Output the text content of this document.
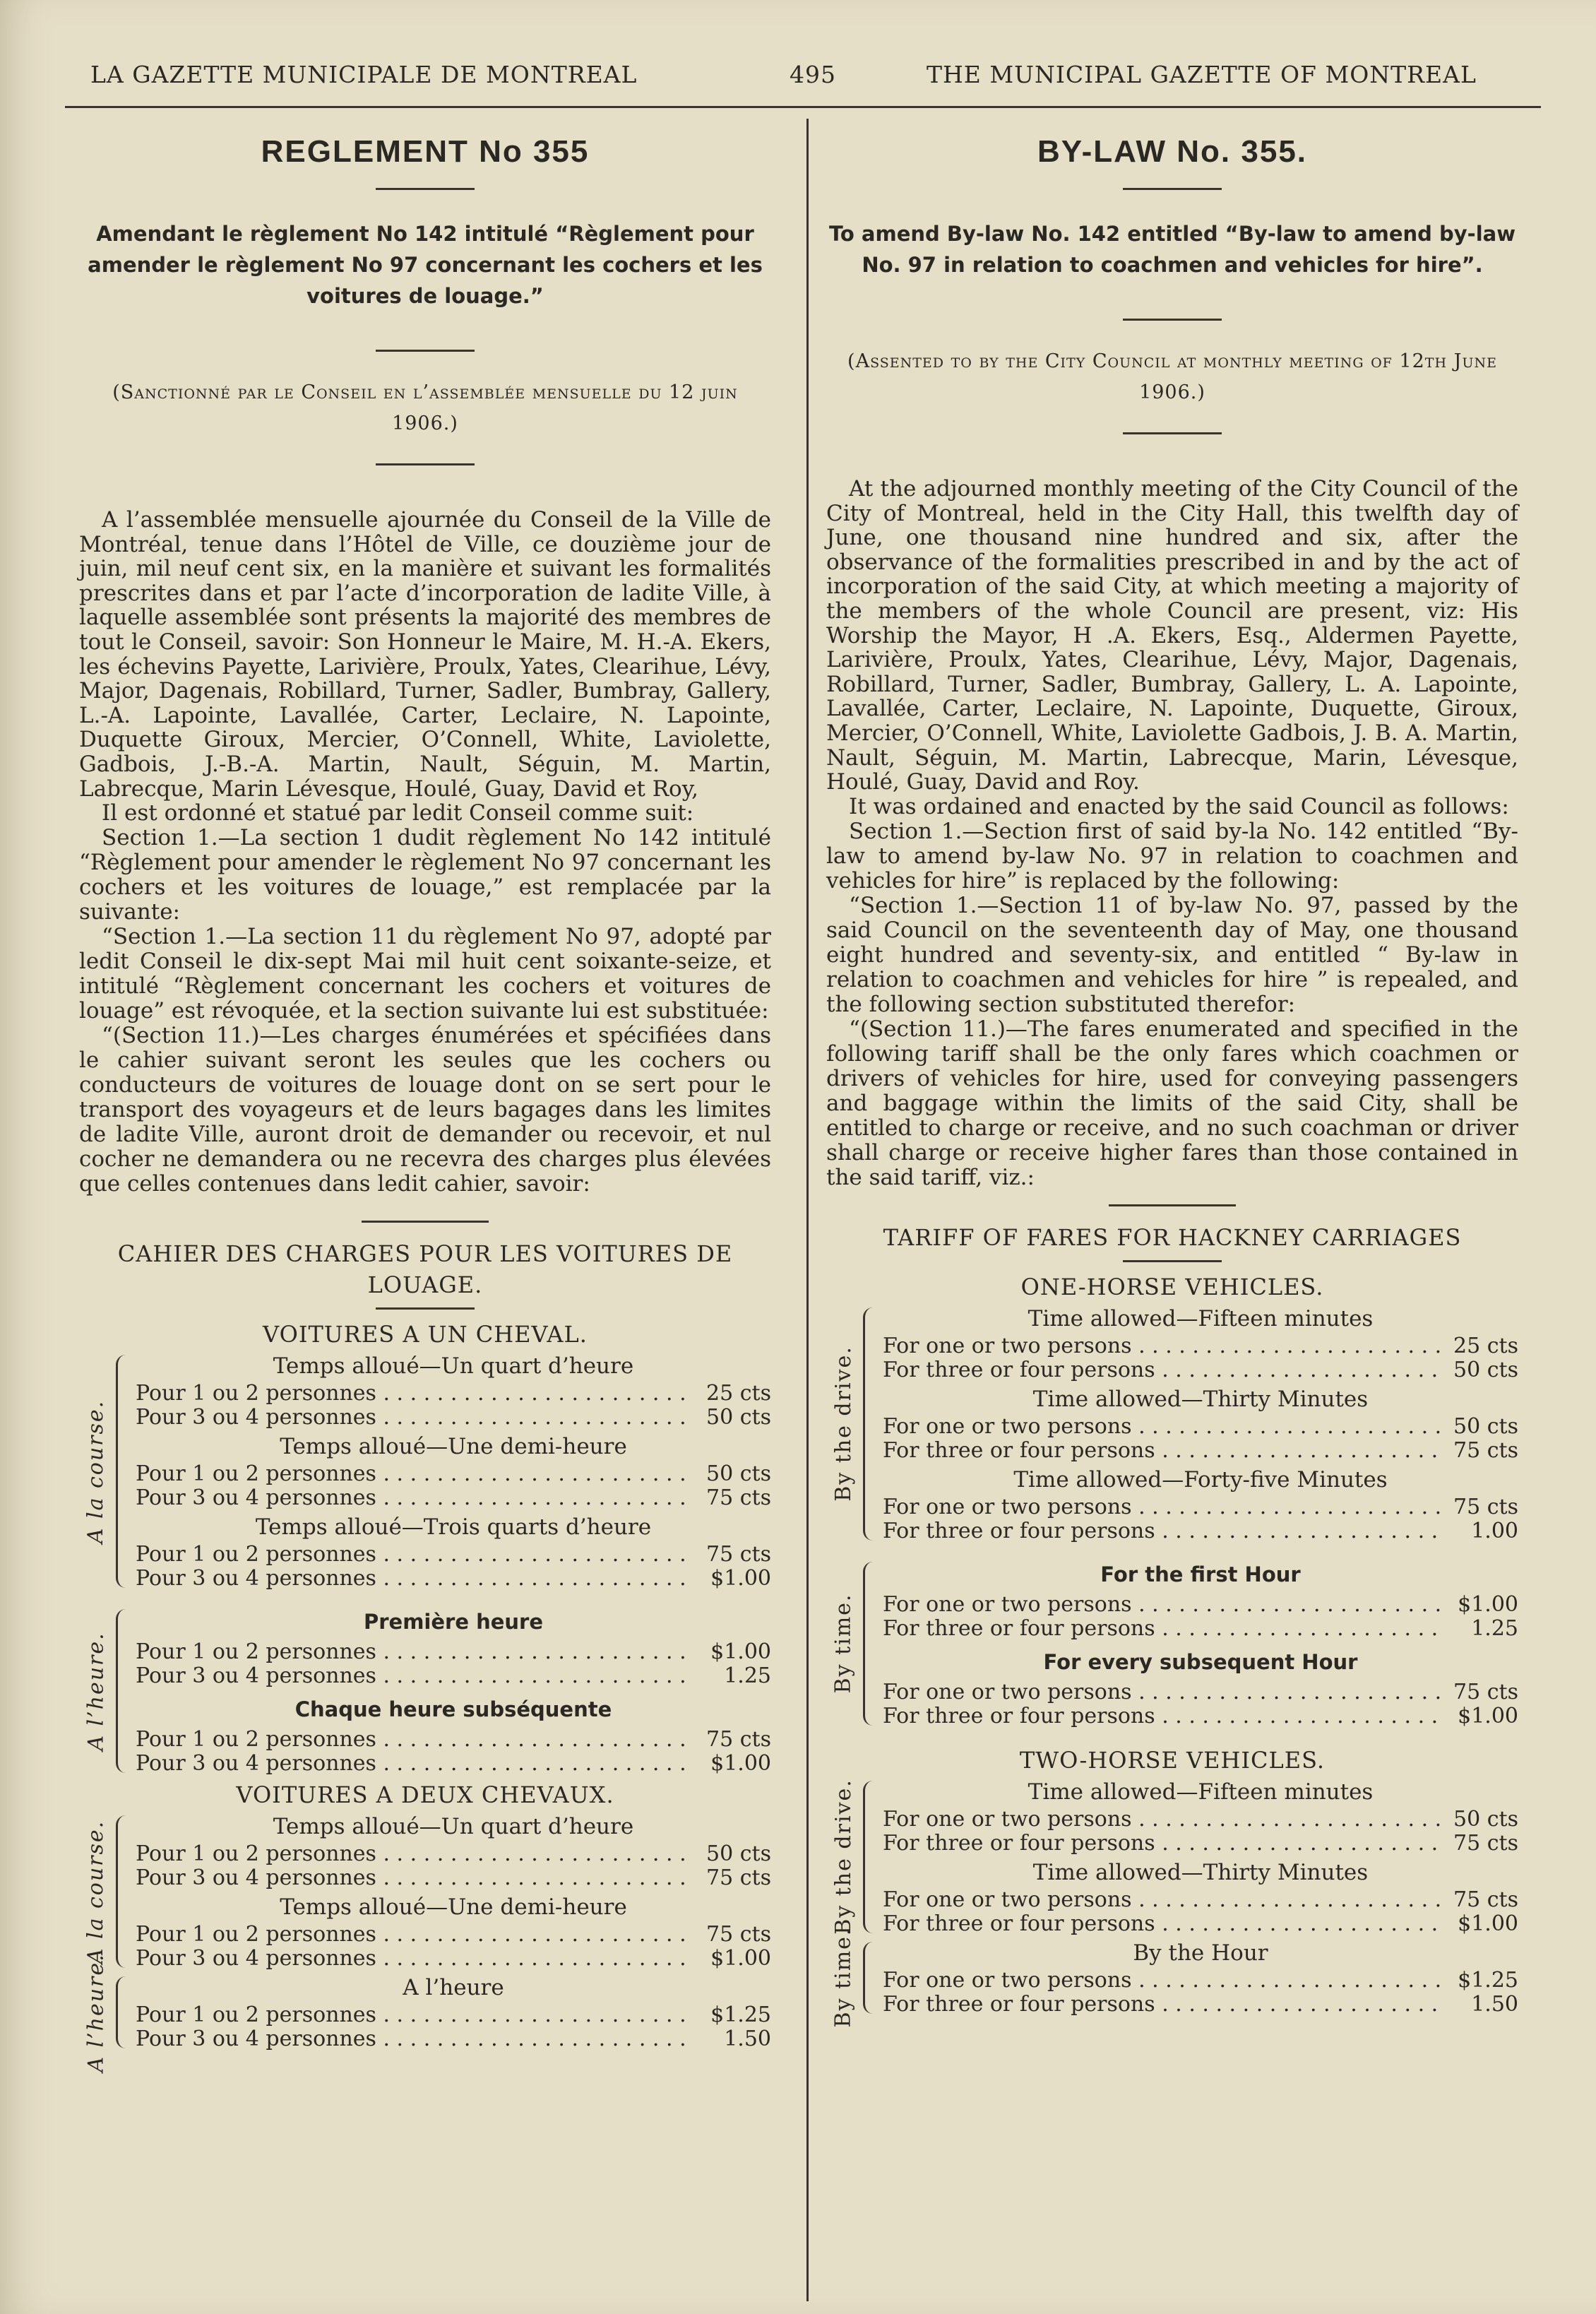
LA GAZETTE MUNICIPALE DE MONTREAL	495	THE MUNICIPAL GAZETTE OF MONTREAL
REGLEMENT No 355
Amendant le règlement No 142 intitulé “Règlement pour amender le règlement No 97 concernant les cochers et les voitures de louage.”
(Sanctionné par le Conseil en l’assemblée mensuelle du 12 juin 1906.)

A l’assemblée mensuelle ajournée du Conseil de la Ville de Montréal, tenue dans l’Hôtel de Ville, ce douzième jour de juin, mil neuf cent six, en la manière et suivant les formalités prescrites dans et par l’acte d’incorporation de ladite Ville, à laquelle assemblée sont présents la majorité des membres de tout le Conseil, savoir: Son Honneur le Maire, M. H.-A. Ekers, les échevins Payette, Larivière, Proulx, Yates, Clearihue, Lévy, Major, Dagenais, Robillard, Turner, Sadler, Bumbray, Gallery, L.-A. Lapointe, Lavallée, Carter, Leclaire, N. Lapointe, Duquette Giroux, Mercier, O’Connell, White, Laviolette, Gadbois, J.-B.-A. Martin, Nault, Séguin, M. Martin, Labrecque, Marin Lévesque, Houlé, Guay, David et Roy,

Il est ordonné et statué par ledit Conseil comme suit:

Section 1.—La section 1 dudit règlement No 142 intitulé “Règlement pour amender le règlement No 97 concernant les cochers et les voitures de louage,” est remplacée par la suivante:

“Section 1.—La section 11 du règlement No 97, adopté par ledit Conseil le dix-sept Mai mil huit cent soixante-seize, et intitulé “Règlement concernant les cochers et voitures de louage” est révoquée, et la section suivante lui est substituée:

“(Section 11.)—Les charges énumérées et spécifiées dans le cahier suivant seront les seules que les cochers ou conducteurs de voitures de louage dont on se sert pour le transport des voyageurs et de leurs bagages dans les limites de ladite Ville, auront droit de demander ou recevoir, et nul cocher ne demandera ou ne recevra des charges plus élevées que celles contenues dans ledit cahier, savoir:

CAHIER DES CHARGES POUR LES VOITURES DE LOUAGE.
VOITURES A UN CHEVAL.
A la course.
Temps alloué—Un quart d’heure
Pour 1 ou 2 personnes . . .	25 cts
Pour 3 ou 4 personnes . . .	50 cts
Temps alloué—Une demi-heure
Pour 1 ou 2 personnes . . .	50 cts
Pour 3 ou 4 personnes . . .	75 cts
Temps alloué—Trois quarts d’heure
Pour 1 ou 2 personnes . . .	75 cts
Pour 3 ou 4 personnes . . .	$1.00
A l’heure.
Première heure
Pour 1 ou 2 personnes . . .	$1.00
Pour 3 ou 4 personnes . . .	1.25
Chaque heure subséquente
Pour 1 ou 2 personnes . . .	75 cts
Pour 3 ou 4 personnes . . .	$1.00
VOITURES A DEUX CHEVAUX.
A la course.	Temps alloué—Un quart d’heure
Pour 1 ou 2 personnes . . .	50 cts
Pour 3 ou 4 personnes . . .	75 cts
Temps alloué—Une demi-heure
Pour 1 ou 2 personnes . . .	75 cts
Pour 3 ou 4 personnes . . .	$1.00
A l’heure.	A l’heure
Pour 1 ou 2 personnes . . .	$1.25
Pour 3 ou 4 personnes . . .	1.50
BY-LAW No. 355.
To amend By-law No. 142 entitled “By-law to amend by-law No. 97 in relation to coachmen and vehicles for hire”.
(Assented to by the City Council at monthly meeting of 12th June 1906.)

At the adjourned monthly meeting of the City Council of the City of Montreal, held in the City Hall, this twelfth day of June, one thousand nine hundred and six, after the observance of the formalities prescribed in and by the act of incorporation of the said City, at which meeting a majority of the members of the whole Council are present, viz: His Worship the Mayor, H .A. Ekers, Esq., Aldermen Payette, Larivière, Proulx, Yates, Clearihue, Lévy, Major, Dagenais, Robillard, Turner, Sadler, Bumbray, Gallery, L. A. Lapointe, Lavallée, Carter, Leclaire, N. Lapointe, Duquette, Giroux, Mercier, O’Connell, White, Laviolette Gadbois, J. B. A. Martin, Nault, Séguin, M. Martin, Labrecque, Marin, Lévesque, Houlé, Guay, David and Roy.

It was ordained and enacted by the said Council as follows:

Section 1.—Section first of said by-la No. 142 entitled “By-law to amend by-law No. 97 in relation to coachmen and vehicles for hire” is replaced by the following:

“Section 1.—Section 11 of by-law No. 97, passed by the said Council on the seventeenth day of May, one thousand eight hundred and seventy-six, and entitled “ By-law in relation to coachmen and vehicles for hire ” is repealed, and the following section substituted therefor:

“(Section 11.)—The fares enumerated and specified in the following tariff shall be the only fares which coachmen or drivers of vehicles for hire, used for conveying passengers and baggage within the limits of the said City, shall be entitled to charge or receive, and no such coachman or driver shall charge or receive higher fares than those contained in the said tariff, viz.:

TARIFF OF FARES FOR HACKNEY CARRIAGES
ONE-HORSE VEHICLES.
By the drive.
Time allowed—Fifteen minutes
For one or two persons . . .	25 cts
For three or four persons . . .	50 cts
Time allowed—Thirty Minutes
For one or two persons . . .	50 cts
For three or four persons . . .	75 cts
Time allowed—Forty-five Minutes
For one or two persons . . .	75 cts
For three or four persons . . .	1.00
By time.
For the first Hour
For one or two persons . . .	$1.00
For three or four persons . . .	1.25
For every subsequent Hour
For one or two persons . . .	75 cts
For three or four persons . . .	$1.00
TWO-HORSE VEHICLES.
By the drive.	Time allowed—Fifteen minutes
For one or two persons . . .	50 cts
For three or four persons . . .	75 cts
Time allowed—Thirty Minutes
For one or two persons . . .	75 cts
For three or four persons . . .	$1.00
By time.	By the Hour
For one or two persons . . .	$1.25
For three or four persons . . .	1.50
